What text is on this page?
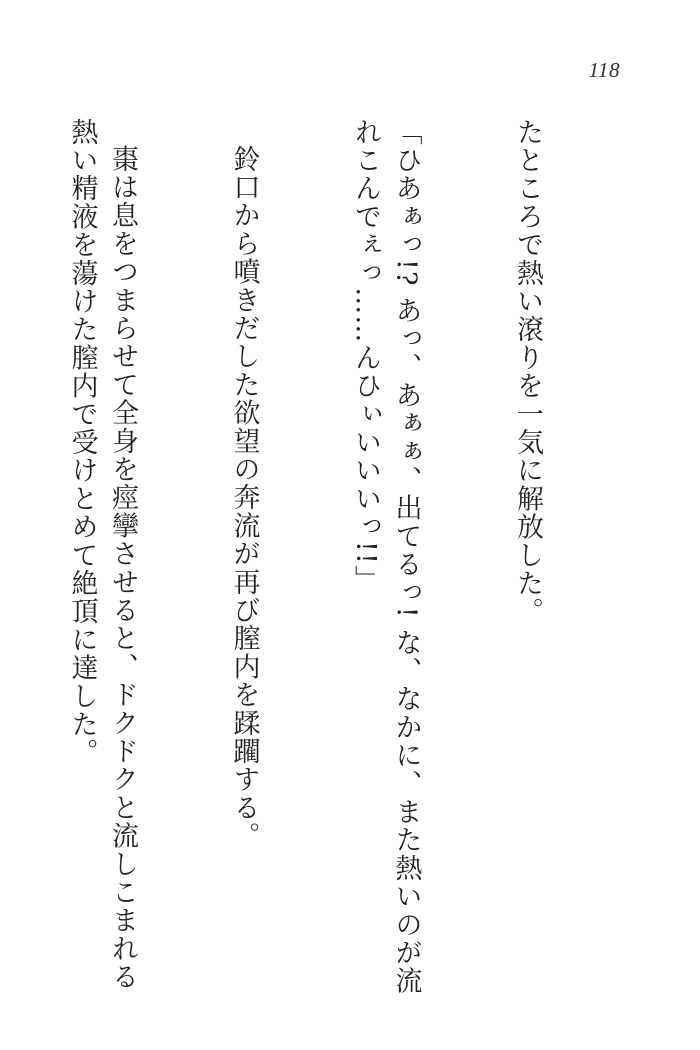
118

たところで熱い滾りを一気に解放した。

「ひあぁっ!? あっ、あぁぁ、出てるっ! な、なかに、また熱いのが流れこんでぇっ……んひぃいいいっ!!」

鈴口から噴きだした欲望の奔流が再び膣内を蹂躙する。

棗は息をつまらせて全身を痙攣させると、ドクドクと流しこまれる熱い精液を蕩けた膣内で受けとめて絶頂に達した。
